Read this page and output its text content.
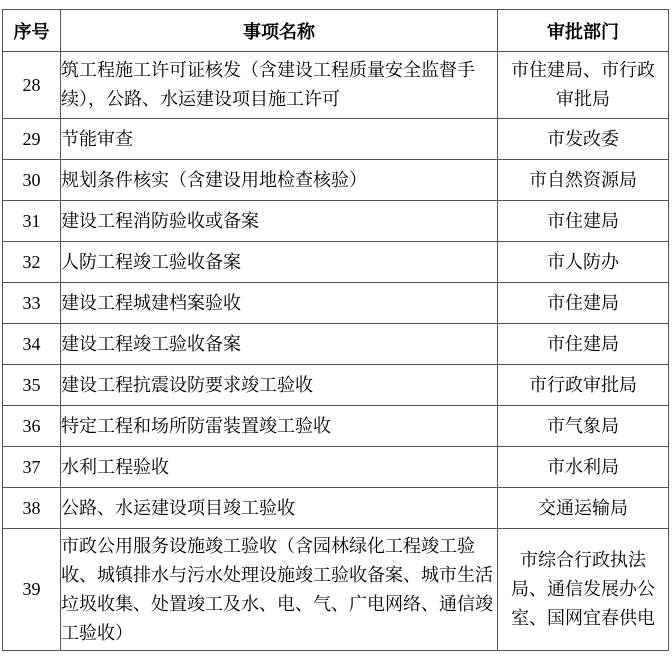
序号	事项名称	审批部门
28	筑工程施工许可证核发（含建设工程质量安全监督手续），公路、水运建设项目施工许可	市住建局、市行政审批局
29	节能审查	市发改委
30	规划条件核实（含建设用地检查核验）	市自然资源局
31	建设工程消防验收或备案	市住建局
32	人防工程竣工验收备案	市人防办
33	建设工程城建档案验收	市住建局
34	建设工程竣工验收备案	市住建局
35	建设工程抗震设防要求竣工验收	市行政审批局
36	特定工程和场所防雷装置竣工验收	市气象局
37	水利工程验收	市水利局
38	公路、水运建设项目竣工验收	交通运输局
39	市政公用服务设施竣工验收（含园林绿化工程竣工验收、城镇排水与污水处理设施竣工验收备案、城市生活垃圾收集、处置竣工及水、电、气、广电网络、通信竣工验收）	市综合行政执法局、通信发展办公室、国网宜春供电
